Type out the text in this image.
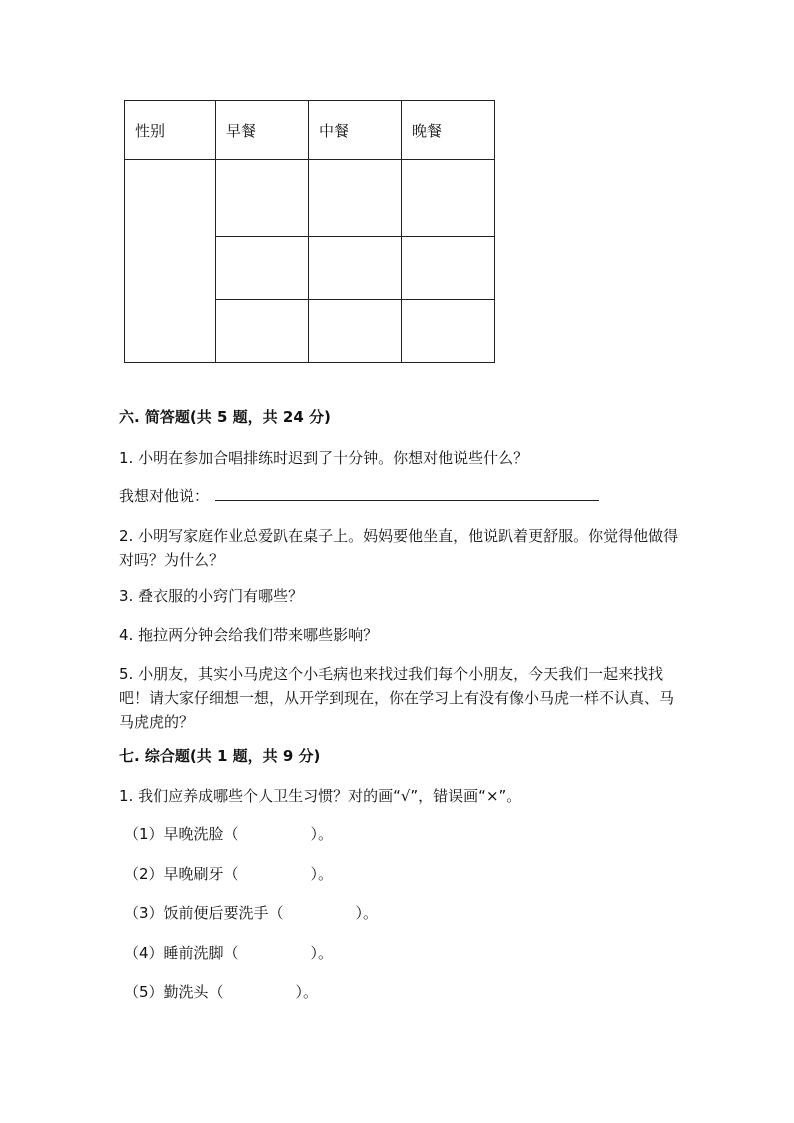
性别	早餐	中餐	晚餐

六. 简答题(共 5 题，共 24 分)
1. 小明在参加合唱排练时迟到了十分钟。你想对他说些什么？
我想对他说：
2. 小明写家庭作业总爱趴在桌子上。妈妈要他坐直，他说趴着更舒服。你觉得他做得对吗？为什么？
3. 叠衣服的小窍门有哪些？
4. 拖拉两分钟会给我们带来哪些影响？
5. 小朋友，其实小马虎这个小毛病也来找过我们每个小朋友，今天我们一起来找找吧！请大家仔细想一想，从开学到现在，你在学习上有没有像小马虎一样不认真、马马虎虎的？
七. 综合题(共 1 题，共 9 分)
1. 我们应养成哪些个人卫生习惯？对的画“√”，错误画“×”。
（1）早晚洗脸（	）。
（2）早晚刷牙（	）。
（3）饭前便后要洗手（	）。
（4）睡前洗脚（	）。
（5）勤洗头（	）。
